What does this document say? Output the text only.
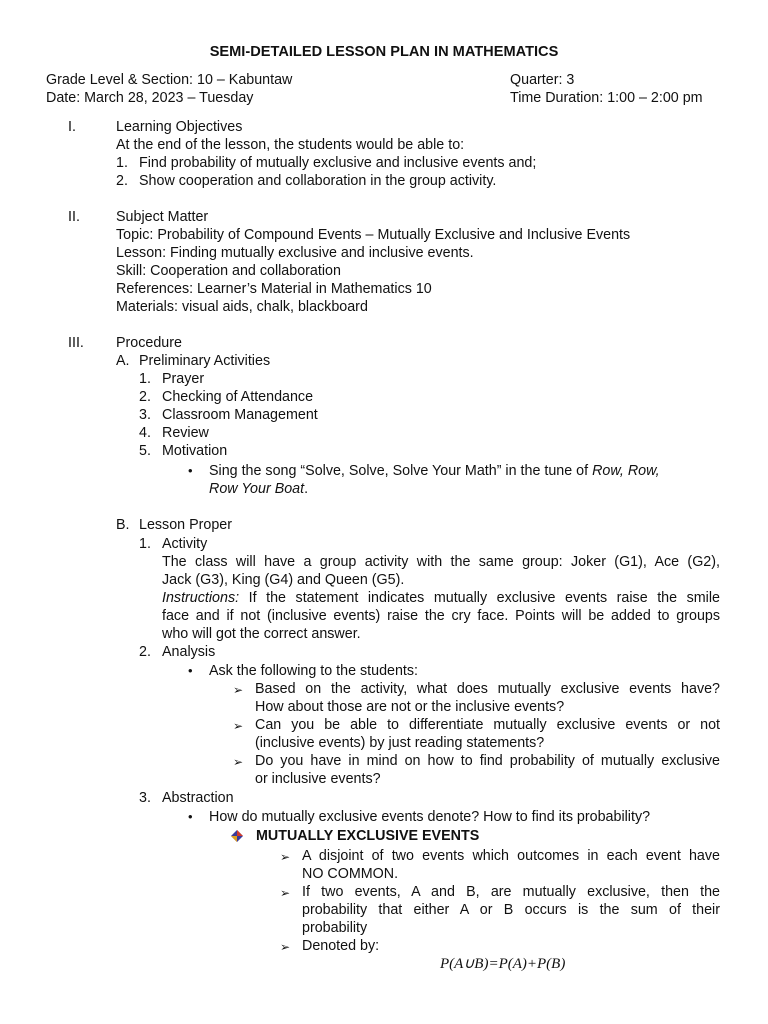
SEMI-DETAILED LESSON PLAN IN MATHEMATICS
Grade Level & Section: 10 – Kabuntaw	Quarter: 3
Date: March 28, 2023 – Tuesday	Time Duration: 1:00 – 2:00 pm
I.	Learning Objectives
At the end of the lesson, the students would be able to:
1. Find probability of mutually exclusive and inclusive events and;
2. Show cooperation and collaboration in the group activity.
II.	Subject Matter
Topic: Probability of Compound Events – Mutually Exclusive and Inclusive Events
Lesson: Finding mutually exclusive and inclusive events.
Skill: Cooperation and collaboration
References: Learner’s Material in Mathematics 10
Materials: visual aids, chalk, blackboard
III. Procedure
A. Preliminary Activities
1. Prayer
2. Checking of Attendance
3. Classroom Management
4. Review
5. Motivation
• Sing the song “Solve, Solve, Solve Your Math” in the tune of Row, Row,
Row Your Boat.
B. Lesson Proper
1. Activity
The class will have a group activity with the same group: Joker (G1), Ace (G2),
Jack (G3), King (G4) and Queen (G5).
Instructions: If the statement indicates mutually exclusive events raise the smile
face and if not (inclusive events) raise the cry face. Points will be added to groups
who will got the correct answer.
2. Analysis
• Ask the following to the students:
➢ Based on the activity, what does mutually exclusive events have?
How about those are not or the inclusive events?
➢ Can you be able to differentiate mutually exclusive events or not
(inclusive events) by just reading statements?
➢ Do you have in mind on how to find probability of mutually exclusive
or inclusive events?
3. Abstraction
• How do mutually exclusive events denote? How to find its probability?
MUTUALLY EXCLUSIVE EVENTS
➢ A disjoint of two events which outcomes in each event have
NO COMMON.
➢ If two events, A and B, are mutually exclusive, then the
probability that either A or B occurs is the sum of their
probability
➢ Denoted by:
P(A∪B)=P(A)+P(B)
